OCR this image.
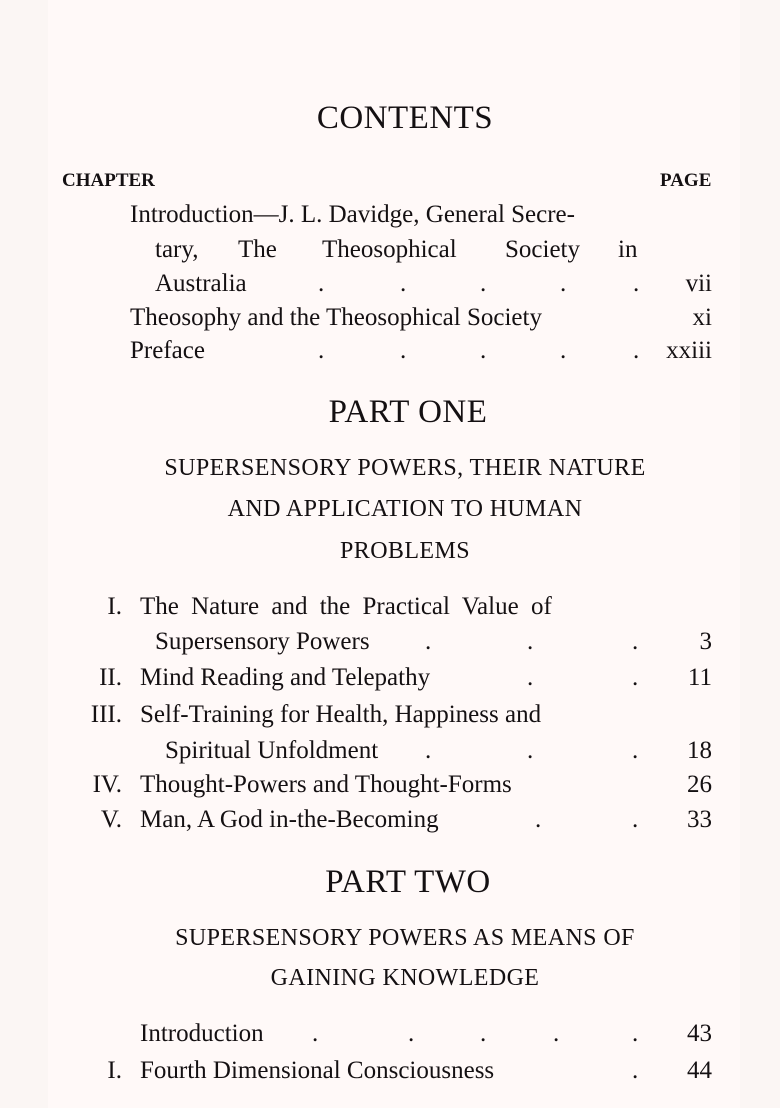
CONTENTS
CHAPTER	PAGE
Introduction—J. L. Davidge, General Secre-
tary, The Theosophical Society in
Australia	.	.	.	.	.	vii
Theosophy and the Theosophical Society	xi
Preface	.	.	.	.	.	xxiii
PART ONE
SUPERSENSORY POWERS, THEIR NATURE
AND APPLICATION TO HUMAN
PROBLEMS
I. The Nature and the Practical Value of
Supersensory Powers .	.	.	3
II. Mind Reading and Telepathy	.	.	11
III. Self-Training for Health, Happiness and
Spiritual Unfoldment .	.	.	18
IV. Thought-Powers and Thought-Forms	26
V. Man, A God in-the-Becoming	.	.	33
PART TWO
SUPERSENSORY POWERS AS MEANS OF
GAINING KNOWLEDGE
Introduction .	.	.	.	.	43
I. Fourth Dimensional Consciousness	.	44
